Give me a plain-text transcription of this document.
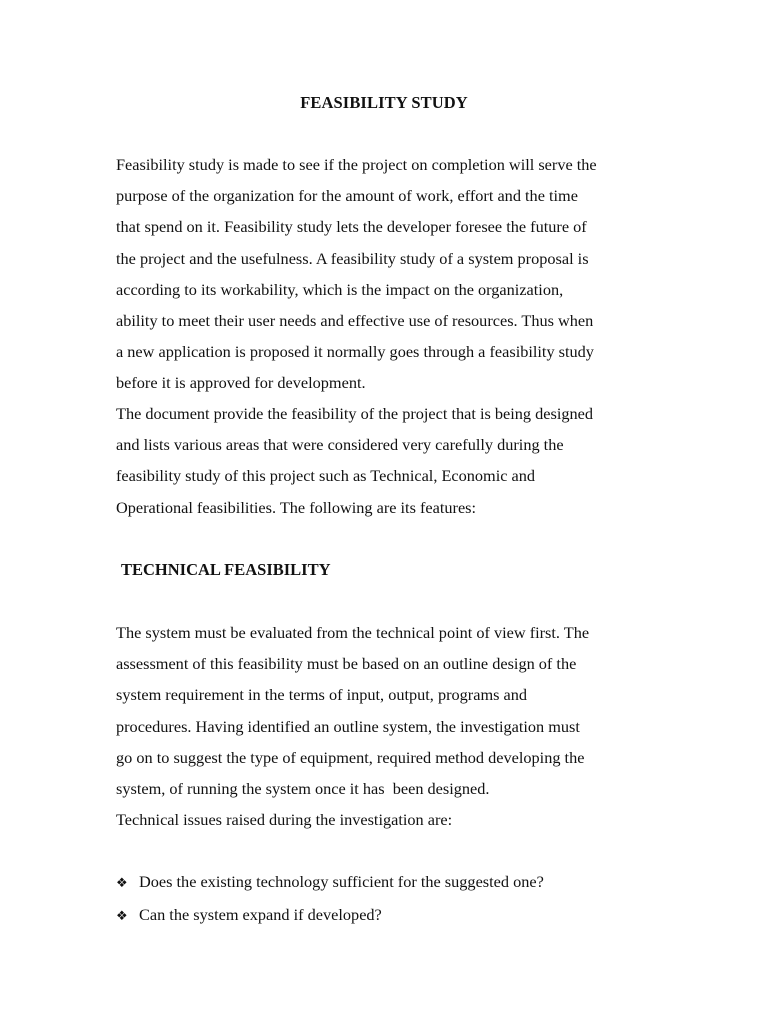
FEASIBILITY STUDY

Feasibility study is made to see if the project on completion will serve the
purpose of the organization for the amount of work, effort and the time
that spend on it. Feasibility study lets the developer foresee the future of
the project and the usefulness. A feasibility study of a system proposal is
according to its workability, which is the impact on the organization,
ability to meet their user needs and effective use of resources. Thus when
a new application is proposed it normally goes through a feasibility study
before it is approved for development.

The document provide the feasibility of the project that is being designed
and lists various areas that were considered very carefully during the
feasibility study of this project such as Technical, Economic and
Operational feasibilities. The following are its features:

TECHNICAL FEASIBILITY

The system must be evaluated from the technical point of view first. The
assessment of this feasibility must be based on an outline design of the
system requirement in the terms of input, output, programs and
procedures. Having identified an outline system, the investigation must
go on to suggest the type of equipment, required method developing the
system, of running the system once it has  been designed.

Technical issues raised during the investigation are:

❖ Does the existing technology sufficient for the suggested one?
❖ Can the system expand if developed?
